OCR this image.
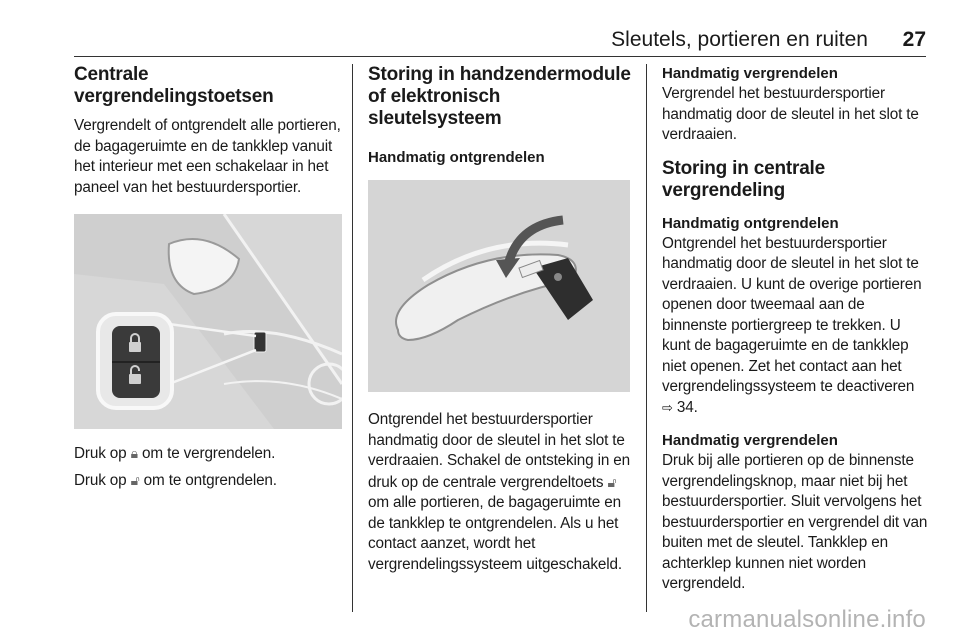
Sleutels, portieren en ruiten 27
Centrale vergrendelingstoetsen

Vergrendelt of ontgrendelt alle portieren, de bagageruimte en de tankklep vanuit het interieur met een schakelaar in het paneel van het bestuurdersportier.

Druk op 🔒︎ om te vergrendelen.

Druk op 🔓︎ om te ontgrendelen.

Storing in handzendermodule of elektronisch sleutelsysteem
Handmatig ontgrendelen

Ontgrendel het bestuurdersportier handmatig door de sleutel in het slot te verdraaien. Schakel de ontsteking in en druk op de centrale vergrendeltoets 🔓︎ om alle portieren, de bagageruimte en de tankklep te ontgrendelen. Als u het contact aanzet, wordt het vergrendelingssysteem uitgeschakeld.

Handmatig vergrendelen

Vergrendel het bestuurdersportier handmatig door de sleutel in het slot te verdraaien.

Storing in centrale vergrendeling
Handmatig ontgrendelen

Ontgrendel het bestuurdersportier handmatig door de sleutel in het slot te verdraaien. U kunt de overige portieren openen door tweemaal aan de binnenste portiergreep te trekken. U kunt de bagageruimte en de tankklep niet openen. Zet het contact aan het vergrendelingssysteem te deactiveren ⇨ 34.

Handmatig vergrendelen

Druk bij alle portieren op de binnenste vergrendelingsknop, maar niet bij het bestuurdersportier. Sluit vervolgens het bestuurdersportier en vergrendel dit van buiten met de sleutel. Tankklep en achterklep kunnen niet worden vergrendeld.

carmanualsonline.info
